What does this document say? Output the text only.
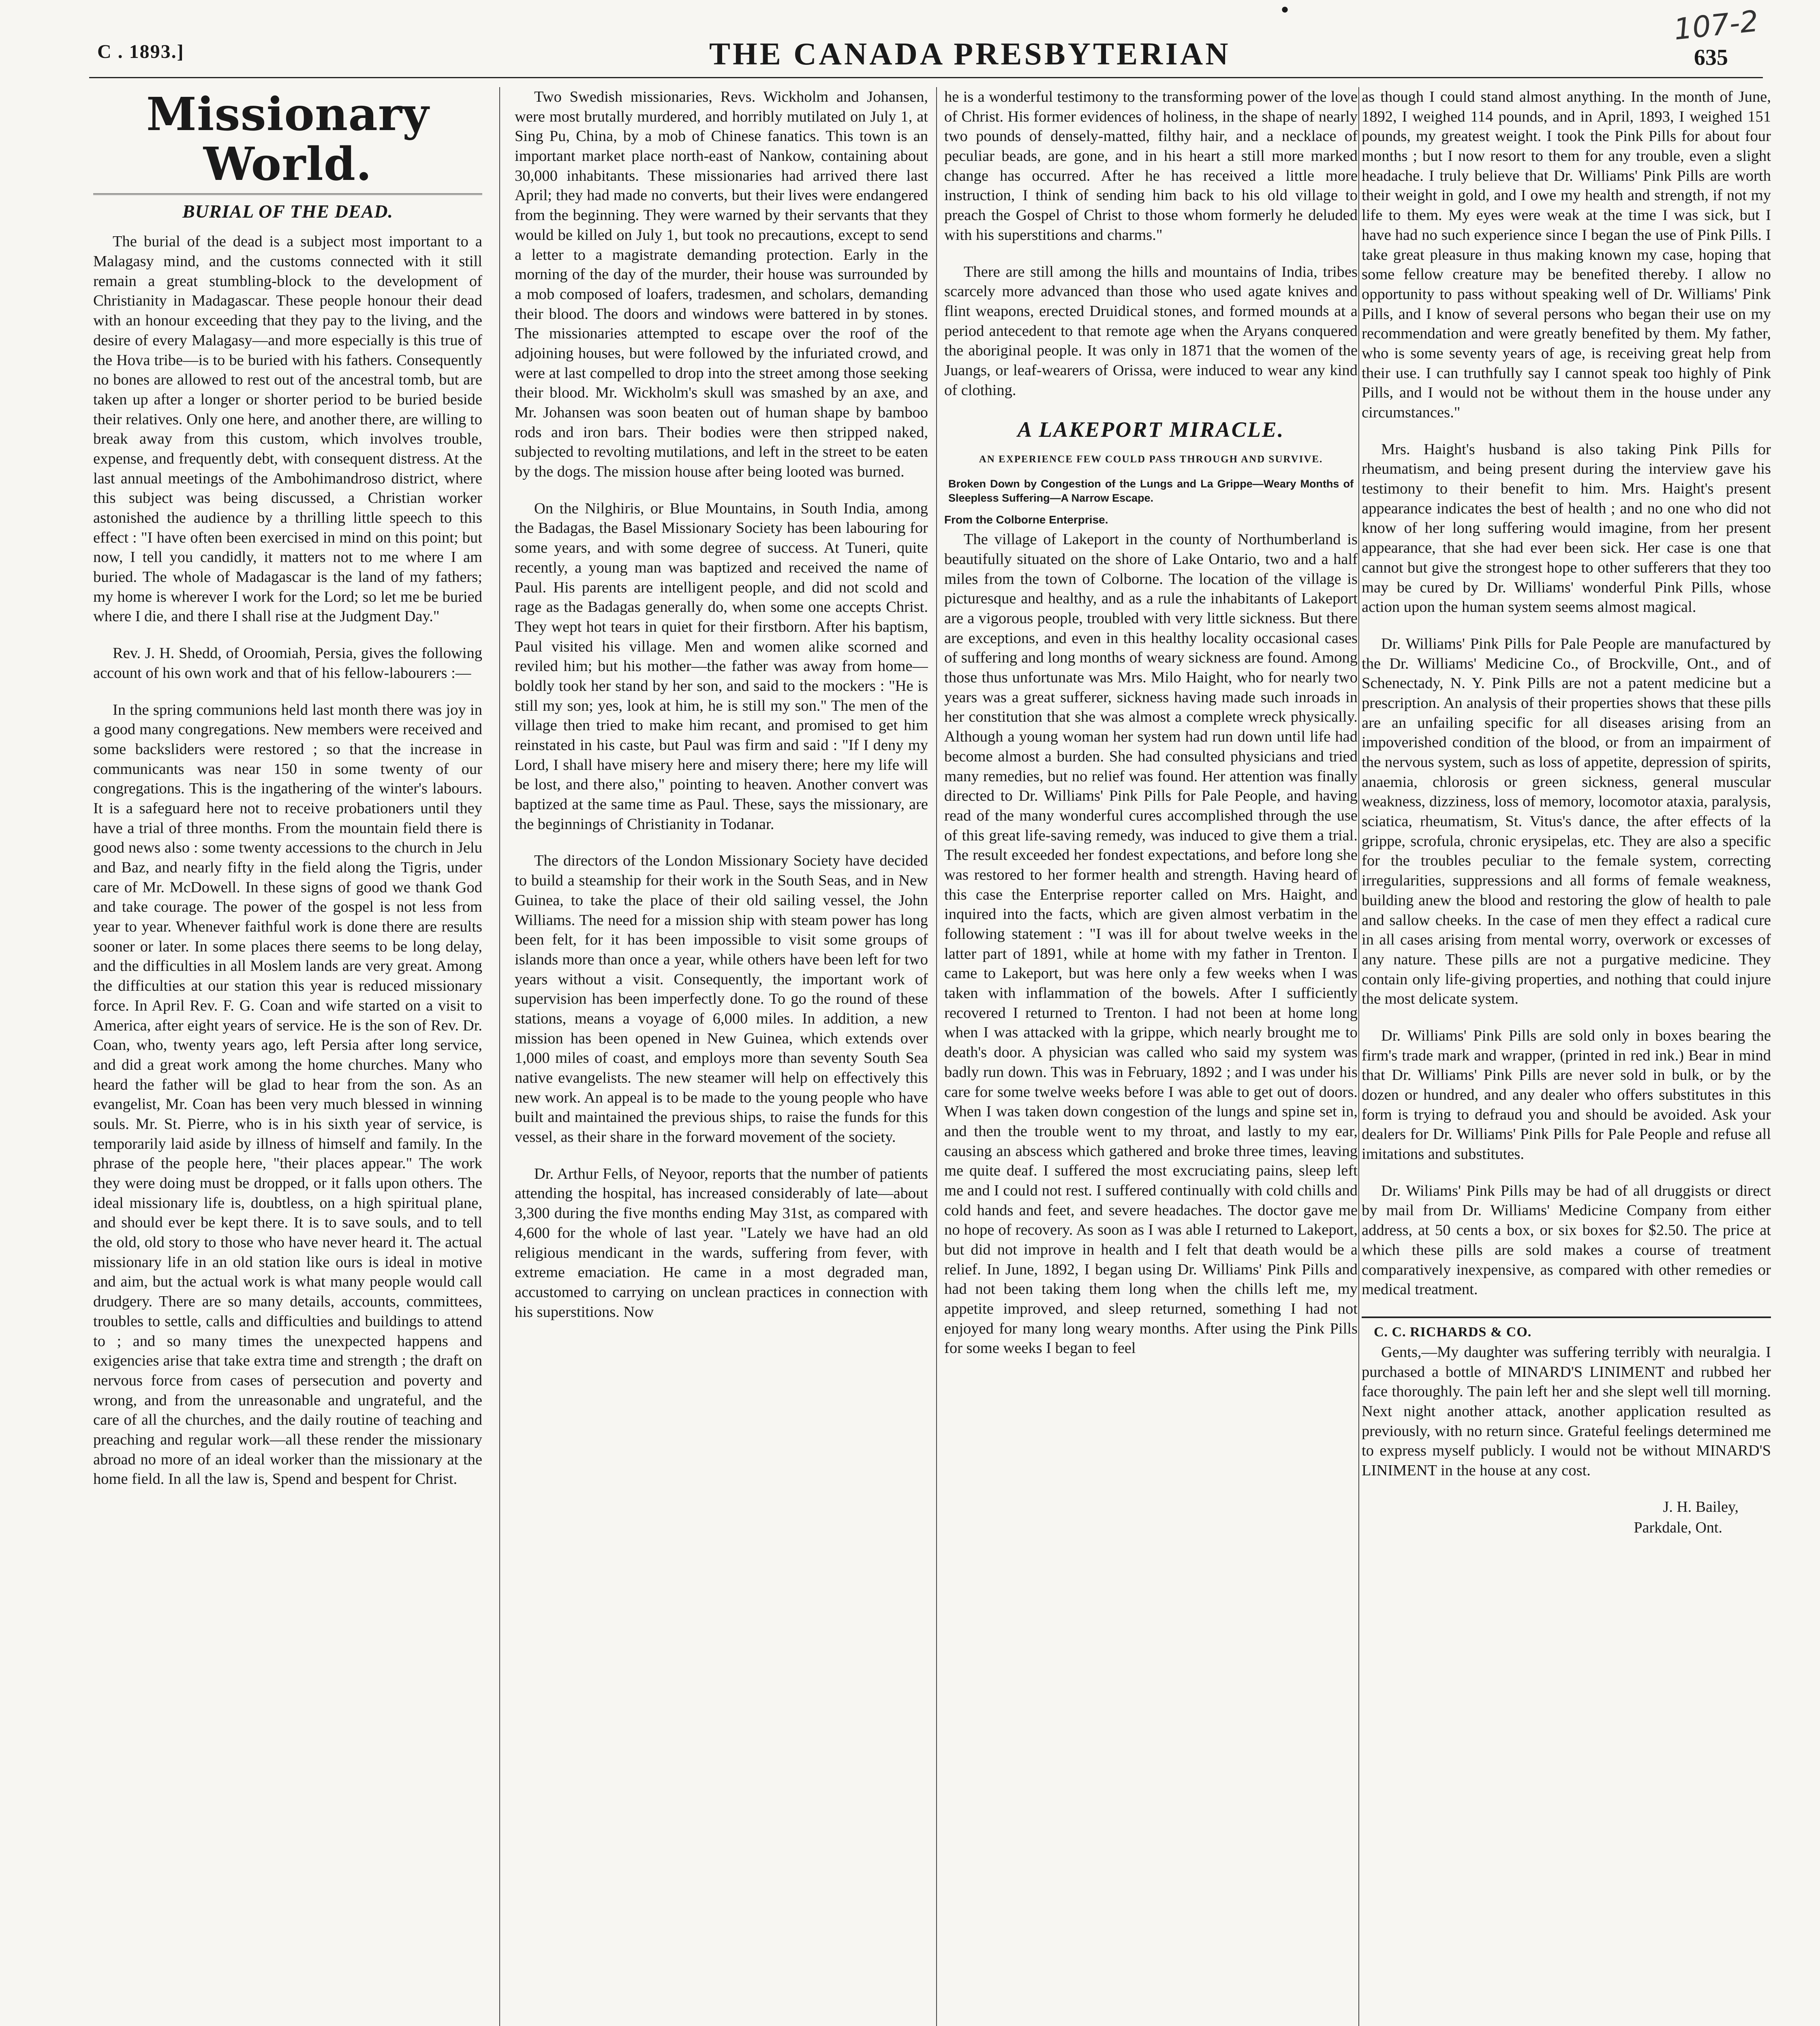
•
C . 1893.]	THE CANADA PRESBYTERIAN
107-2
635
Missionary World.
BURIAL OF THE DEAD.

The burial of the dead is a subject most important to a Malagasy mind, and the customs connected with it still remain a great stumbling-block to the development of Christianity in Madagascar. These people honour their dead with an honour exceeding that they pay to the living, and the desire of every Malagasy—and more especially is this true of the Hova tribe—is to be buried with his fathers. Consequently no bones are allowed to rest out of the ancestral tomb, but are taken up after a longer or shorter period to be buried beside their relatives. Only one here, and another there, are willing to break away from this custom, which involves trouble, expense, and frequently debt, with consequent distress. At the last annual meetings of the Ambohimandroso district, where this subject was being discussed, a Christian worker astonished the audience by a thrilling little speech to this effect : "I have often been exercised in mind on this point; but now, I tell you candidly, it matters not to me where I am buried. The whole of Madagascar is the land of my fathers; my home is wherever I work for the Lord; so let me be buried where I die, and there I shall rise at the Judgment Day."

Rev. J. H. Shedd, of Oroomiah, Persia, gives the following account of his own work and that of his fellow-labourers :—

In the spring communions held last month there was joy in a good many congregations. New members were received and some backsliders were restored ; so that the increase in communicants was near 150 in some twenty of our congregations. This is the ingathering of the winter's labours. It is a safeguard here not to receive probationers until they have a trial of three months. From the mountain field there is good news also : some twenty accessions to the church in Jelu and Baz, and nearly fifty in the field along the Tigris, under care of Mr. McDowell. In these signs of good we thank God and take courage. The power of the gospel is not less from year to year. Whenever faithful work is done there are results sooner or later. In some places there seems to be long delay, and the difficulties in all Moslem lands are very great. Among the difficulties at our station this year is reduced missionary force. In April Rev. F. G. Coan and wife started on a visit to America, after eight years of service. He is the son of Rev. Dr. Coan, who, twenty years ago, left Persia after long service, and did a great work among the home churches. Many who heard the father will be glad to hear from the son. As an evangelist, Mr. Coan has been very much blessed in winning souls. Mr. St. Pierre, who is in his sixth year of service, is temporarily laid aside by illness of himself and family. In the phrase of the people here, "their places appear." The work they were doing must be dropped, or it falls upon others. The ideal missionary life is, doubtless, on a high spiritual plane, and should ever be kept there. It is to save souls, and to tell the old, old story to those who have never heard it. The actual missionary life in an old station like ours is ideal in motive and aim, but the actual work is what many people would call drudgery. There are so many details, accounts, committees, troubles to settle, calls and difficulties and buildings to attend to ; and so many times the unexpected happens and exigencies arise that take extra time and strength ; the draft on nervous force from cases of persecution and poverty and wrong, and from the unreasonable and ungrateful, and the care of all the churches, and the daily routine of teaching and preaching and regular work—all these render the missionary abroad no more of an ideal worker than the missionary at the home field. In all the law is, Spend and bespent for Christ.

Two Swedish missionaries, Revs. Wickholm and Johansen, were most brutally murdered, and horribly mutilated on July 1, at Sing Pu, China, by a mob of Chinese fanatics. This town is an important market place north-east of Nankow, containing about 30,000 inhabitants. These missionaries had arrived there last April; they had made no converts, but their lives were endangered from the beginning. They were warned by their servants that they would be killed on July 1, but took no precautions, except to send a letter to a magistrate demanding protection. Early in the morning of the day of the murder, their house was surrounded by a mob composed of loafers, tradesmen, and scholars, demanding their blood. The doors and windows were battered in by stones. The missionaries attempted to escape over the roof of the adjoining houses, but were followed by the infuriated crowd, and were at last compelled to drop into the street among those seeking their blood. Mr. Wickholm's skull was smashed by an axe, and Mr. Johansen was soon beaten out of human shape by bamboo rods and iron bars. Their bodies were then stripped naked, subjected to revolting mutilations, and left in the street to be eaten by the dogs. The mission house after being looted was burned.

On the Nilghiris, or Blue Mountains, in South India, among the Badagas, the Basel Missionary Society has been labouring for some years, and with some degree of success. At Tuneri, quite recently, a young man was baptized and received the name of Paul. His parents are intelligent people, and did not scold and rage as the Badagas generally do, when some one accepts Christ. They wept hot tears in quiet for their firstborn. After his baptism, Paul visited his village. Men and women alike scorned and reviled him; but his mother—the father was away from home—boldly took her stand by her son, and said to the mockers : "He is still my son; yes, look at him, he is still my son." The men of the village then tried to make him recant, and promised to get him reinstated in his caste, but Paul was firm and said : "If I deny my Lord, I shall have misery here and misery there; here my life will be lost, and there also," pointing to heaven. Another convert was baptized at the same time as Paul. These, says the missionary, are the beginnings of Christianity in Todanar.

The directors of the London Missionary Society have decided to build a steamship for their work in the South Seas, and in New Guinea, to take the place of their old sailing vessel, the John Williams. The need for a mission ship with steam power has long been felt, for it has been impossible to visit some groups of islands more than once a year, while others have been left for two years without a visit. Consequently, the important work of supervision has been imperfectly done. To go the round of these stations, means a voyage of 6,000 miles. In addition, a new mission has been opened in New Guinea, which extends over 1,000 miles of coast, and employs more than seventy South Sea native evangelists. The new steamer will help on effectively this new work. An appeal is to be made to the young people who have built and maintained the previous ships, to raise the funds for this vessel, as their share in the forward movement of the society.

Dr. Arthur Fells, of Neyoor, reports that the number of patients attending the hospital, has increased considerably of late—about 3,300 during the five months ending May 31st, as compared with 4,600 for the whole of last year. "Lately we have had an old religious mendicant in the wards, suffering from fever, with extreme emaciation. He came in a most degraded man, accustomed to carrying on unclean practices in connection with his superstitions. Now

he is a wonderful testimony to the transforming power of the love of Christ. His former evidences of holiness, in the shape of nearly two pounds of densely-matted, filthy hair, and a necklace of peculiar beads, are gone, and in his heart a still more marked change has occurred. After he has received a little more instruction, I think of sending him back to his old village to preach the Gospel of Christ to those whom formerly he deluded with his superstitions and charms."

There are still among the hills and mountains of India, tribes scarcely more advanced than those who used agate knives and flint weapons, erected Druidical stones, and formed mounds at a period antecedent to that remote age when the Aryans conquered the aboriginal people. It was only in 1871 that the women of the Juangs, or leaf-wearers of Orissa, were induced to wear any kind of clothing.

A LAKEPORT MIRACLE.
AN EXPERIENCE FEW COULD PASS THROUGH AND SURVIVE.
Broken Down by Congestion of the Lungs and La Grippe—Weary Months of Sleepless Suffering—A Narrow Escape.
From the Colborne Enterprise.

The village of Lakeport in the county of Northumberland is beautifully situated on the shore of Lake Ontario, two and a half miles from the town of Colborne. The location of the village is picturesque and healthy, and as a rule the inhabitants of Lakeport are a vigorous people, troubled with very little sickness. But there are exceptions, and even in this healthy locality occasional cases of suffering and long months of weary sickness are found. Among those thus unfortunate was Mrs. Milo Haight, who for nearly two years was a great sufferer, sickness having made such inroads in her constitution that she was almost a complete wreck physically. Although a young woman her system had run down until life had become almost a burden. She had consulted physicians and tried many remedies, but no relief was found. Her attention was finally directed to Dr. Williams' Pink Pills for Pale People, and having read of the many wonderful cures accomplished through the use of this great life-saving remedy, was induced to give them a trial. The result exceeded her fondest expectations, and before long she was restored to her former health and strength. Having heard of this case the Enterprise reporter called on Mrs. Haight, and inquired into the facts, which are given almost verbatim in the following statement : "I was ill for about twelve weeks in the latter part of 1891, while at home with my father in Trenton. I came to Lakeport, but was here only a few weeks when I was taken with inflammation of the bowels. After I sufficiently recovered I returned to Trenton. I had not been at home long when I was attacked with la grippe, which nearly brought me to death's door. A physician was called who said my system was badly run down. This was in February, 1892 ; and I was under his care for some twelve weeks before I was able to get out of doors. When I was taken down congestion of the lungs and spine set in, and then the trouble went to my throat, and lastly to my ear, causing an abscess which gathered and broke three times, leaving me quite deaf. I suffered the most excruciating pains, sleep left me and I could not rest. I suffered continually with cold chills and cold hands and feet, and severe headaches. The doctor gave me no hope of recovery. As soon as I was able I returned to Lakeport, but did not improve in health and I felt that death would be a relief. In June, 1892, I began using Dr. Williams' Pink Pills and had not been taking them long when the chills left me, my appetite improved, and sleep returned, something I had not enjoyed for many long weary months. After using the Pink Pills for some weeks I began to feel

as though I could stand almost anything. In the month of June, 1892, I weighed 114 pounds, and in April, 1893, I weighed 151 pounds, my greatest weight. I took the Pink Pills for about four months ; but I now resort to them for any trouble, even a slight headache. I truly believe that Dr. Williams' Pink Pills are worth their weight in gold, and I owe my health and strength, if not my life to them. My eyes were weak at the time I was sick, but I have had no such experience since I began the use of Pink Pills. I take great pleasure in thus making known my case, hoping that some fellow creature may be benefited thereby. I allow no opportunity to pass without speaking well of Dr. Williams' Pink Pills, and I know of several persons who began their use on my recommendation and were greatly benefited by them. My father, who is some seventy years of age, is receiving great help from their use. I can truthfully say I cannot speak too highly of Pink Pills, and I would not be without them in the house under any circumstances."

Mrs. Haight's husband is also taking Pink Pills for rheumatism, and being present during the interview gave his testimony to their benefit to him. Mrs. Haight's present appearance indicates the best of health ; and no one who did not know of her long suffering would imagine, from her present appearance, that she had ever been sick. Her case is one that cannot but give the strongest hope to other sufferers that they too may be cured by Dr. Williams' wonderful Pink Pills, whose action upon the human system seems almost magical.

Dr. Williams' Pink Pills for Pale People are manufactured by the Dr. Williams' Medicine Co., of Brockville, Ont., and of Schenectady, N. Y. Pink Pills are not a patent medicine but a prescription. An analysis of their properties shows that these pills are an unfailing specific for all diseases arising from an impoverished condition of the blood, or from an impairment of the nervous system, such as loss of appetite, depression of spirits, anaemia, chlorosis or green sickness, general muscular weakness, dizziness, loss of memory, locomotor ataxia, paralysis, sciatica, rheumatism, St. Vitus's dance, the after effects of la grippe, scrofula, chronic erysipelas, etc. They are also a specific for the troubles peculiar to the female system, correcting irregularities, suppressions and all forms of female weakness, building anew the blood and restoring the glow of health to pale and sallow cheeks. In the case of men they effect a radical cure in all cases arising from mental worry, overwork or excesses of any nature. These pills are not a purgative medicine. They contain only life-giving properties, and nothing that could injure the most delicate system.

Dr. Williams' Pink Pills are sold only in boxes bearing the firm's trade mark and wrapper, (printed in red ink.) Bear in mind that Dr. Williams' Pink Pills are never sold in bulk, or by the dozen or hundred, and any dealer who offers substitutes in this form is trying to defraud you and should be avoided. Ask your dealers for Dr. Williams' Pink Pills for Pale People and refuse all imitations and substitutes.

Dr. Wiliams' Pink Pills may be had of all druggists or direct by mail from Dr. Williams' Medicine Company from either address, at 50 cents a box, or six boxes for $2.50. The price at which these pills are sold makes a course of treatment comparatively inexpensive, as compared with other remedies or medical treatment.

C. C. RICHARDS & CO.

Gents,—My daughter was suffering terribly with neuralgia. I purchased a bottle of MINARD'S LINIMENT and rubbed her face thoroughly. The pain left her and she slept well till morning. Next night another attack, another application resulted as previously, with no return since. Grateful feelings determined me to express myself publicly. I would not be without MINARD'S LINIMENT in the house at any cost.

J. H. Bailey,
Parkdale, Ont.
